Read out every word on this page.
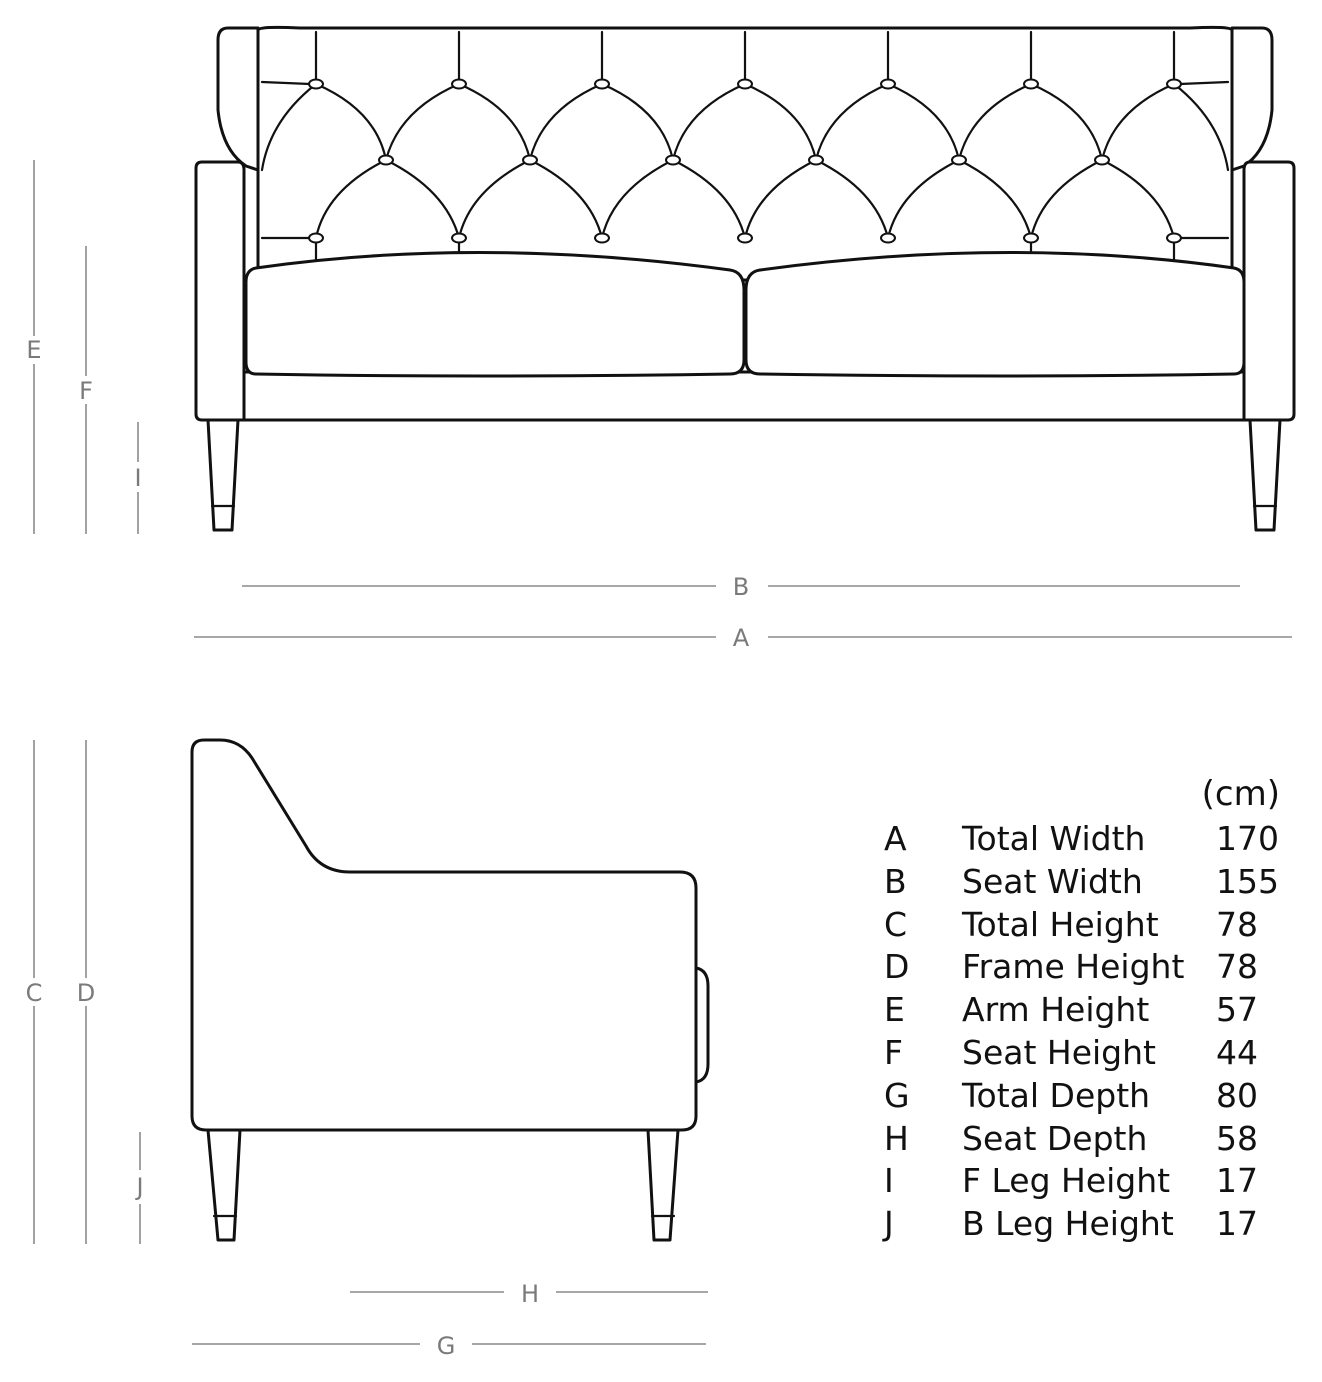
E
F
I
B
A
C D
J
H
G
(cm)
A	Total Width	170
B	Seat Width	155
C	Total Height	78
D	Frame Height 78
E	Arm Height	57
F	Seat Height	44
G	Total Depth	80
H	Seat Depth	58
I	F Leg Height	17
J	B Leg Height	17
